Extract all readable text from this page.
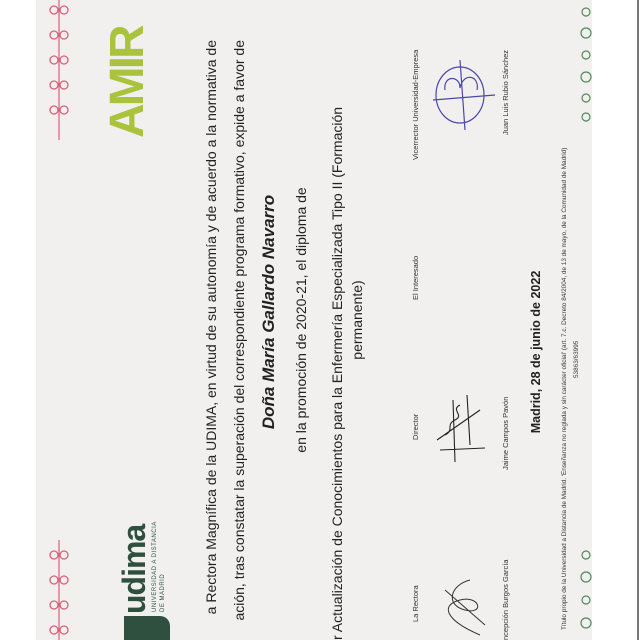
udima UNIVERSIDAD A DISTANCIA DE MADRID
AMIR	a Rectora Magnífica de la UDIMA, en virtud de su autonomía y de acuerdo a la normativa de ación, tras constatar la superación del correspondiente programa formativo, expide a favor de Doña María Gallardo Navarro en la promoción de 2020-21, el diploma de r Actualización de Conocimientos para la Enfermería Especializada Tipo II (Formación permanente)
La Rectora
Director
El Interesado
Vicerrector Universidad-Empresa
ncepción Burgos García
Jaime Campos Pavón
Juan Luis Rubio Sánchez
Madrid, 28 de junio de 2022	Título propio de la Universidad a Distancia de Madrid. 'Enseñanza no reglada y sin carácter oficial' (art. 7.c. Decreto 84/2004, de 13 de mayo, de la Comunidad de Madrid) 53863/63995
